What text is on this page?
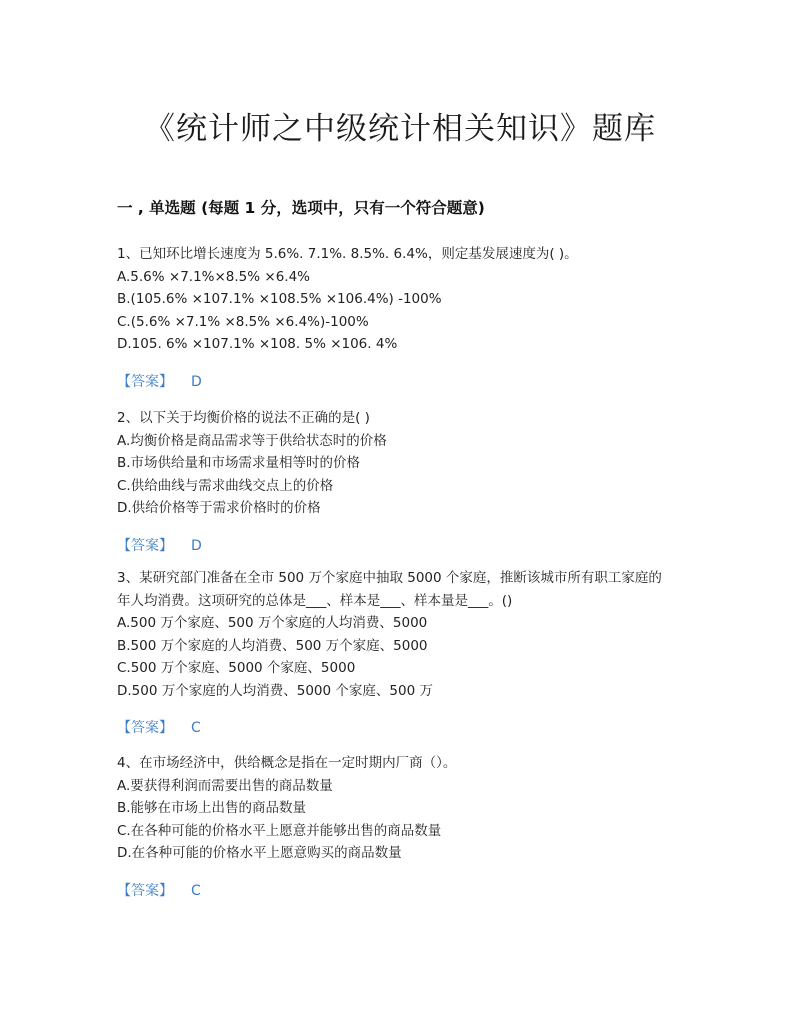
《统计师之中级统计相关知识》题库
一 , 单选题 (每题 1 分，选项中，只有一个符合题意)
1、已知环比增长速度为 5.6%. 7.1%. 8.5%. 6.4%，则定基发展速度为( )。
A.5.6% ×7.1%×8.5% ×6.4%
B.(105.6% ×107.1% ×108.5% ×106.4%) -100%
C.(5.6% ×7.1% ×8.5% ×6.4%)-100%
D.105. 6% ×107.1% ×108. 5% ×106. 4%
【答案】 D
2、以下关于均衡价格的说法不正确的是( )
A.均衡价格是商品需求等于供给状态时的价格
B.市场供给量和市场需求量相等时的价格
C.供给曲线与需求曲线交点上的价格
D.供给价格等于需求价格时的价格
【答案】 D
3、某研究部门准备在全市 500 万个家庭中抽取 5000 个家庭，推断该城市所有职工家庭的
年人均消费。这项研究的总体是___、样本是___、样本量是___。()
A.500 万个家庭、500 万个家庭的人均消费、5000
B.500 万个家庭的人均消费、500 万个家庭、5000
C.500 万个家庭、5000 个家庭、5000
D.500 万个家庭的人均消费、5000 个家庭、500 万
【答案】 C
4、在市场经济中，供给概念是指在一定时期内厂商（）。
A.要获得利润而需要出售的商品数量
B.能够在市场上出售的商品数量
C.在各种可能的价格水平上愿意并能够出售的商品数量
D.在各种可能的价格水平上愿意购买的商品数量
【答案】 C
